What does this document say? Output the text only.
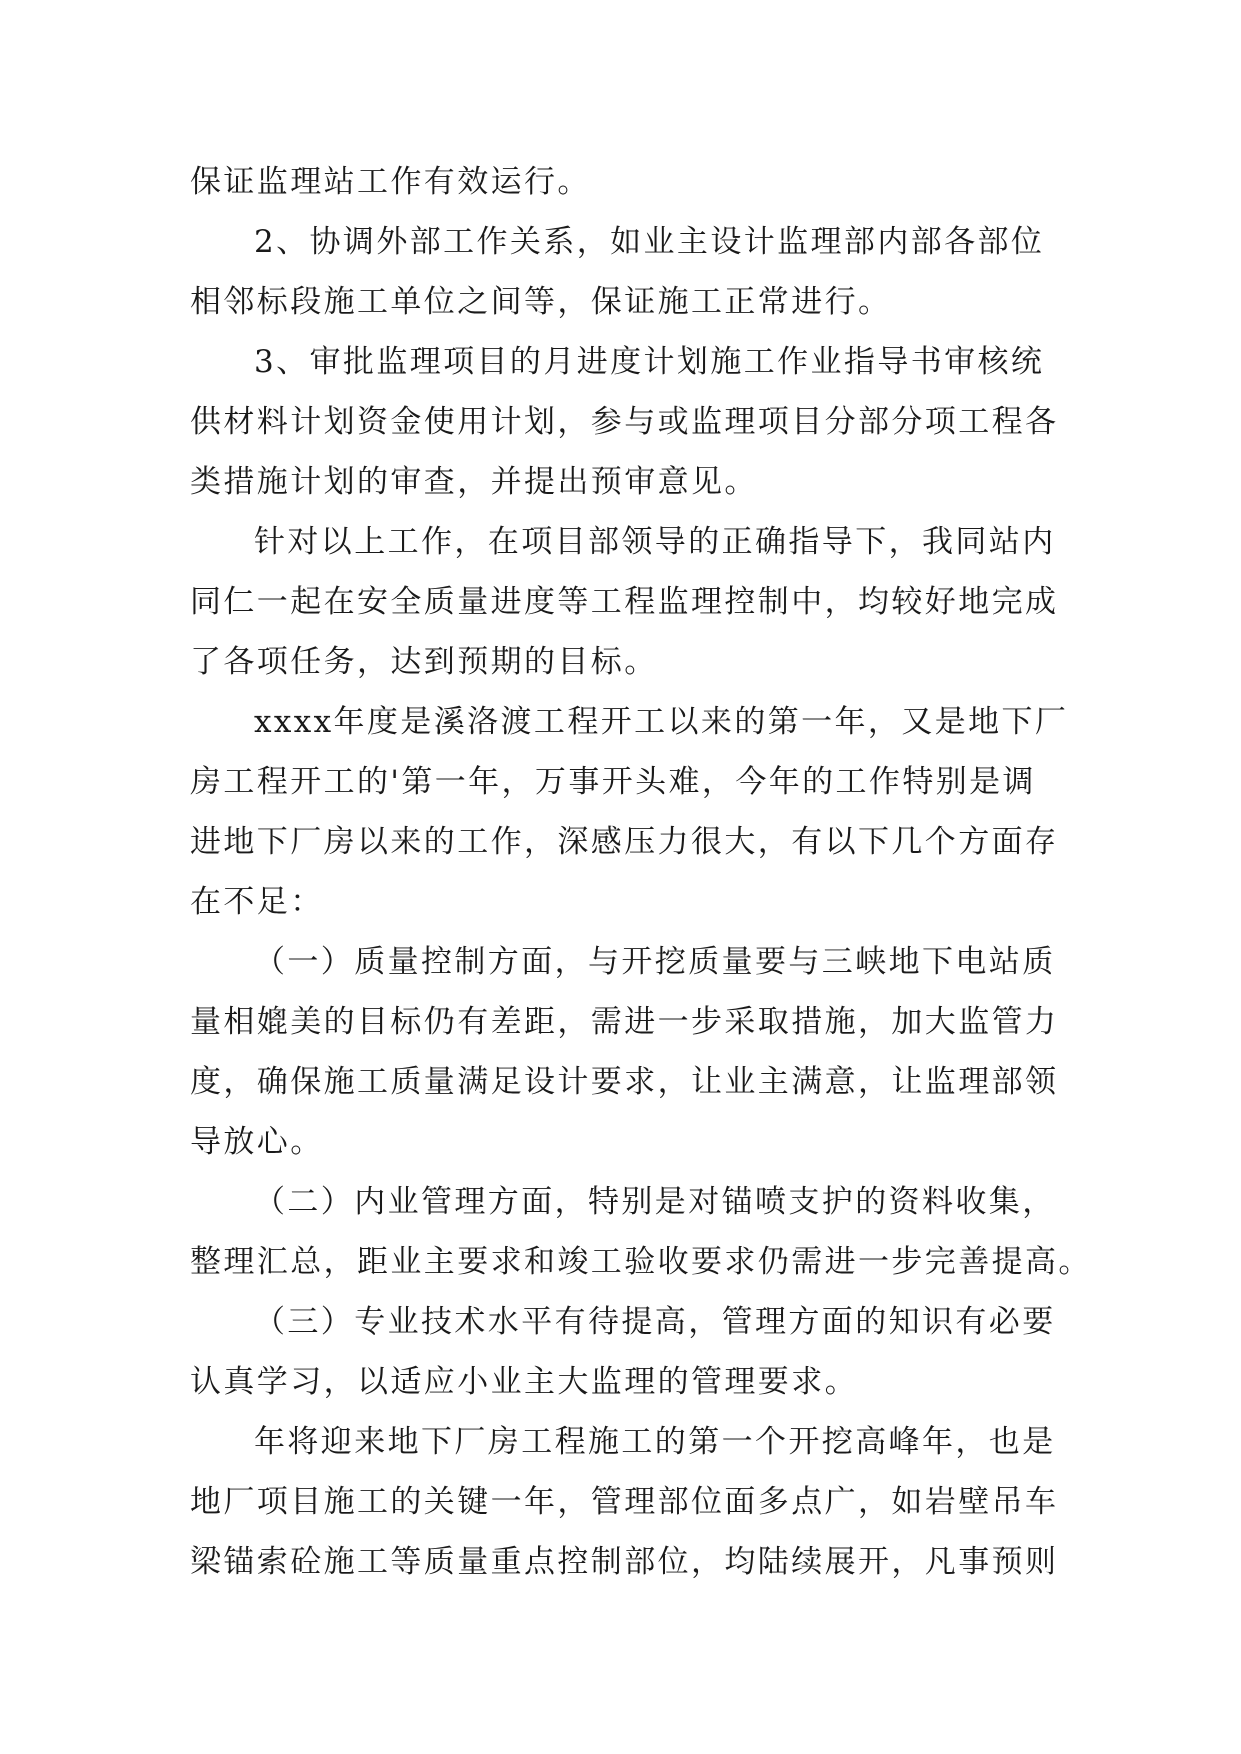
保证监理站工作有效运行。
2、协调外部工作关系，如业主设计监理部内部各部位
相邻标段施工单位之间等，保证施工正常进行。
3、审批监理项目的月进度计划施工作业指导书审核统
供材料计划资金使用计划，参与或监理项目分部分项工程各
类措施计划的审查，并提出预审意见。
针对以上工作，在项目部领导的正确指导下，我同站内
同仁一起在安全质量进度等工程监理控制中，均较好地完成
了各项任务，达到预期的目标。
xxxx年度是溪洛渡工程开工以来的第一年，又是地下厂
房工程开工的'第一年，万事开头难，今年的工作特别是调
进地下厂房以来的工作，深感压力很大，有以下几个方面存
在不足：
（一）质量控制方面，与开挖质量要与三峡地下电站质
量相媲美的目标仍有差距，需进一步采取措施，加大监管力
度，确保施工质量满足设计要求，让业主满意，让监理部领
导放心。
（二）内业管理方面，特别是对锚喷支护的资料收集，
整理汇总，距业主要求和竣工验收要求仍需进一步完善提高。
（三）专业技术水平有待提高，管理方面的知识有必要
认真学习，以适应小业主大监理的管理要求。
年将迎来地下厂房工程施工的第一个开挖高峰年，也是
地厂项目施工的关键一年，管理部位面多点广，如岩壁吊车
梁锚索砼施工等质量重点控制部位，均陆续展开，凡事预则
